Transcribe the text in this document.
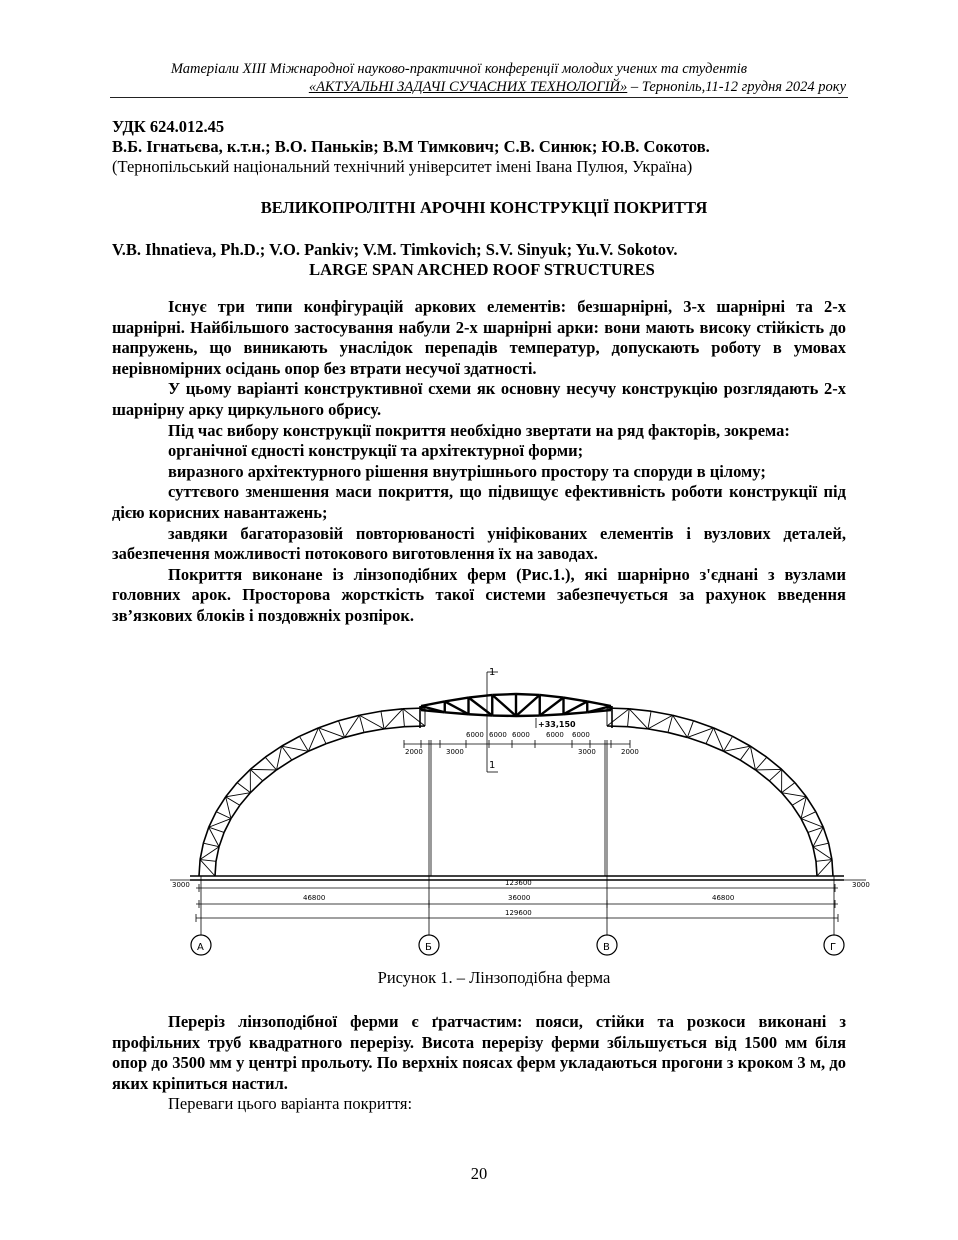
Матеріали XIII Міжнародної науково-практичної конференції молодих учених та студентів
«АКТУАЛЬНІ ЗАДАЧІ СУЧАСНИХ ТЕХНОЛОГІЙ» – Тернопіль,11-12 грудня 2024 року
УДК 624.012.45
В.Б. Ігнатьєва, к.т.н.; В.О. Паньків; В.М Тимкович; С.В. Синюк; Ю.В. Сокотов.
(Тернопільський національний технічний університет імені Івана Пулюя, Україна)
ВЕЛИКОПРОЛІТНІ АРОЧНІ КОНСТРУКЦІЇ ПОКРИТТЯ
V.B. Ihnatieva, Ph.D.; V.O. Pankiv; V.M. Timkovich; S.V. Sinyuk; Yu.V. Sokotov.
LARGE SPAN ARCHED ROOF STRUCTURES

Існує три типи конфігурацій аркових елементів: безшарнірні, 3-х шарнірні та 2-х шарнірні. Найбільшого застосування набули 2-х шарнірні арки: вони мають високу стійкість до напружень, що виникають унаслідок перепадів температур, допускають роботу в умовах нерівномірних осідань опор без втрати несучої здатності.

У цьому варіанті конструктивної схеми як основну несучу конструкцію розглядають 2-х шарнірну арку циркульного обрису.

Під час вибору конструкції покриття необхідно звертати на ряд факторів, зокрема:

органічної єдності конструкції та архітектурної форми;

виразного архітектурного рішення внутрішнього простору та споруди в цілому;

суттєвого зменшення маси покриття, що підвищує ефективність роботи конструкції під дією корисних навантажень;

завдяки багаторазовій повторюваності уніфікованих елементів і вузлових деталей, забезпечення можливості потокового виготовлення їх на заводах.

Покриття виконане із лінзоподібних ферм (Рис.1.), які шарнірно з'єднані з вузлами головних арок. Просторова жорсткість такої системи забезпечується за рахунок введення зв’язкових блоків і поздовжніх розпірок.

1
1
+33,150
2000	3000
6000 6000 6000 6000 6000
3000	2000
3000	3000
123600
46800	36000	46800
129600
А	Б	В	Г
Рисунок 1. – Лінзоподібна ферма

Переріз лінзоподібної ферми є ґратчастим: пояси, стійки та розкоси виконані з профільних труб квадратного перерізу. Висота перерізу ферми збільшується від 1500 мм біля опор до 3500 мм у центрі прольоту. По верхніх поясах ферм укладаються прогони з кроком 3 м, до яких кріпиться настил.

Переваги цього варіанта покриття:

20
